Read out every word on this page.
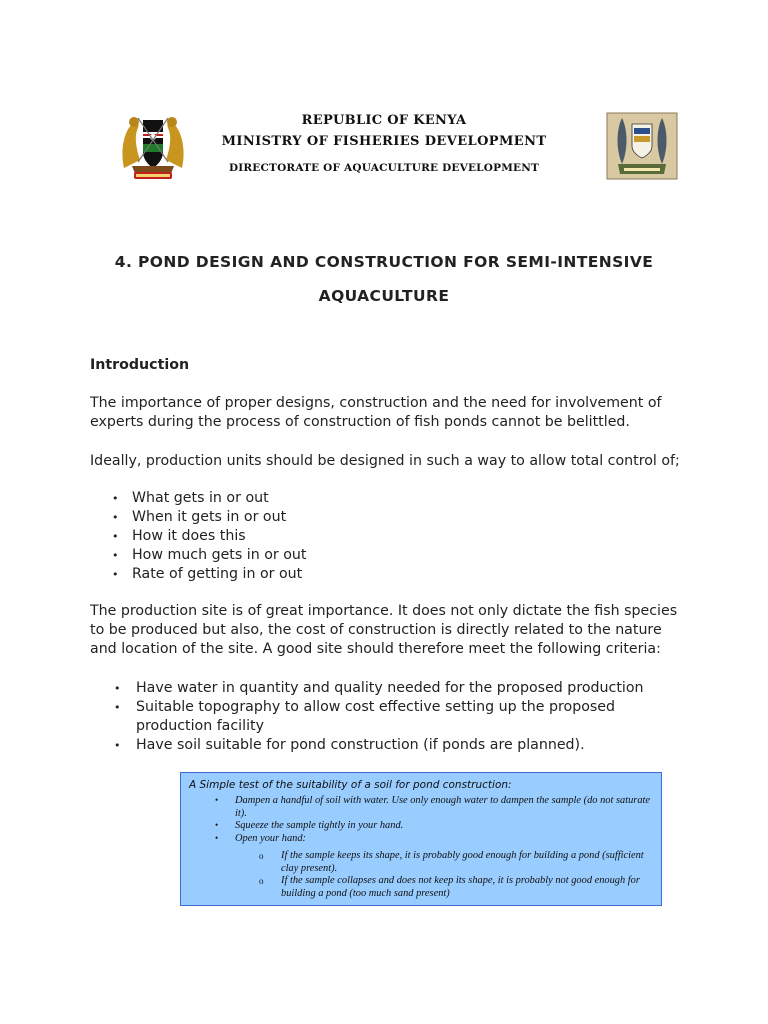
REPUBLIC OF KENYA
MINISTRY OF FISHERIES DEVELOPMENT
DIRECTORATE OF AQUACULTURE DEVELOPMENT
4. POND DESIGN AND CONSTRUCTION FOR SEMI-INTENSIVE
AQUACULTURE
Introduction
The importance of proper designs, construction and the need for involvement of experts during the process of construction of fish ponds cannot be belittled.
Ideally, production units should be designed in such a way to allow total control of;
• What gets in or out
• When it gets in or out
• How it does this
• How much gets in or out
• Rate of getting in or out
The production site is of great importance. It does not only dictate the fish species to be produced but also, the cost of construction is directly related to the nature and location of the site. A good site should therefore meet the following criteria:
• Have water in quantity and quality needed for the proposed production
• Suitable topography to allow cost effective setting up the proposed production facility
• Have soil suitable for pond construction (if ponds are planned).
A Simple test of the suitability of a soil for pond construction:
• Dampen a handful of soil with water. Use only enough water to dampen the sample (do not saturate it).
• Squeeze the sample tightly in your hand.
• Open your hand:
o If the sample keeps its shape, it is probably good enough for building a pond (sufficient clay present).
o If the sample collapses and does not keep its shape, it is probably not good enough for building a pond (too much sand present)
